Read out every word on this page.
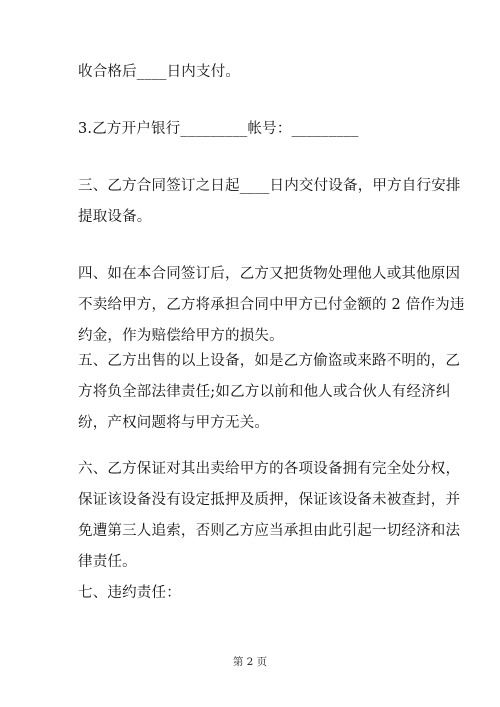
收合格后____日内支付。

3.乙方开户银行_________帐号：_________

三、乙方合同签订之日起____日内交付设备，甲方自行安排
提取设备。

四、如在本合同签订后，乙方又把货物处理他人或其他原因
不卖给甲方，乙方将承担合同中甲方已付金额的 2 倍作为违
约金，作为赔偿给甲方的损失。

五、乙方出售的以上设备，如是乙方偷盗或来路不明的，乙
方将负全部法律责任;如乙方以前和他人或合伙人有经济纠
纷，产权问题将与甲方无关。

六、乙方保证对其出卖给甲方的各项设备拥有完全处分权，
保证该设备没有设定抵押及质押，保证该设备未被查封，并
免遭第三人追索，否则乙方应当承担由此引起一切经济和法
律责任。

七、违约责任：

第 2 页
